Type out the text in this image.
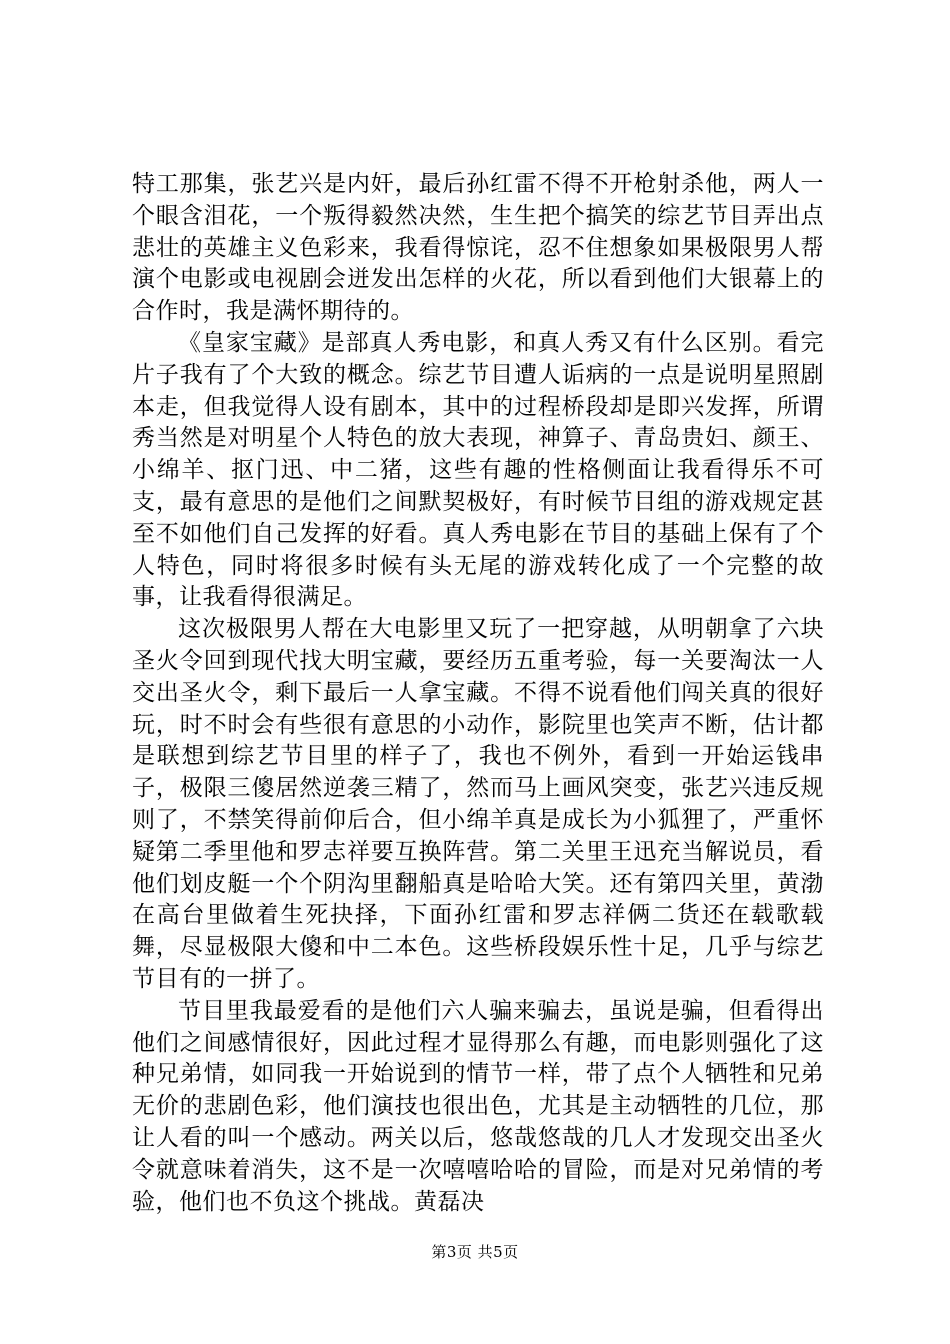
特工那集，张艺兴是内奸，最后孙红雷不得不开枪射杀他，两人一个眼含泪花，一个叛得毅然决然，生生把个搞笑的综艺节目弄出点悲壮的英雄主义色彩来，我看得惊诧，忍不住想象如果极限男人帮演个电影或电视剧会迸发出怎样的火花，所以看到他们大银幕上的合作时，我是满怀期待的。

《皇家宝藏》是部真人秀电影，和真人秀又有什么区别。看完片子我有了个大致的概念。综艺节目遭人诟病的一点是说明星照剧本走，但我觉得人设有剧本，其中的过程桥段却是即兴发挥，所谓秀当然是对明星个人特色的放大表现，神算子、青岛贵妇、颜王、小绵羊、抠门迅、中二猪，这些有趣的性格侧面让我看得乐不可支，最有意思的是他们之间默契极好，有时候节目组的游戏规定甚至不如他们自己发挥的好看。真人秀电影在节目的基础上保有了个人特色，同时将很多时候有头无尾的游戏转化成了一个完整的故事，让我看得很满足。

这次极限男人帮在大电影里又玩了一把穿越，从明朝拿了六块圣火令回到现代找大明宝藏，要经历五重考验，每一关要淘汰一人交出圣火令，剩下最后一人拿宝藏。不得不说看他们闯关真的很好玩，时不时会有些很有意思的小动作，影院里也笑声不断，估计都是联想到综艺节目里的样子了，我也不例外，看到一开始运钱串子，极限三傻居然逆袭三精了，然而马上画风突变，张艺兴违反规则了，不禁笑得前仰后合，但小绵羊真是成长为小狐狸了，严重怀疑第二季里他和罗志祥要互换阵营。第二关里王迅充当解说员，看他们划皮艇一个个阴沟里翻船真是哈哈大笑。还有第四关里，黄渤在高台里做着生死抉择，下面孙红雷和罗志祥俩二货还在载歌载舞，尽显极限大傻和中二本色。这些桥段娱乐性十足，几乎与综艺节目有的一拼了。

节目里我最爱看的是他们六人骗来骗去，虽说是骗，但看得出他们之间感情很好，因此过程才显得那么有趣，而电影则强化了这种兄弟情，如同我一开始说到的情节一样，带了点个人牺牲和兄弟无价的悲剧色彩，他们演技也很出色，尤其是主动牺牲的几位，那让人看的叫一个感动。两关以后，悠哉悠哉的几人才发现交出圣火令就意味着消失，这不是一次嘻嘻哈哈的冒险，而是对兄弟情的考验，他们也不负这个挑战。黄磊决

第3页 共5页
